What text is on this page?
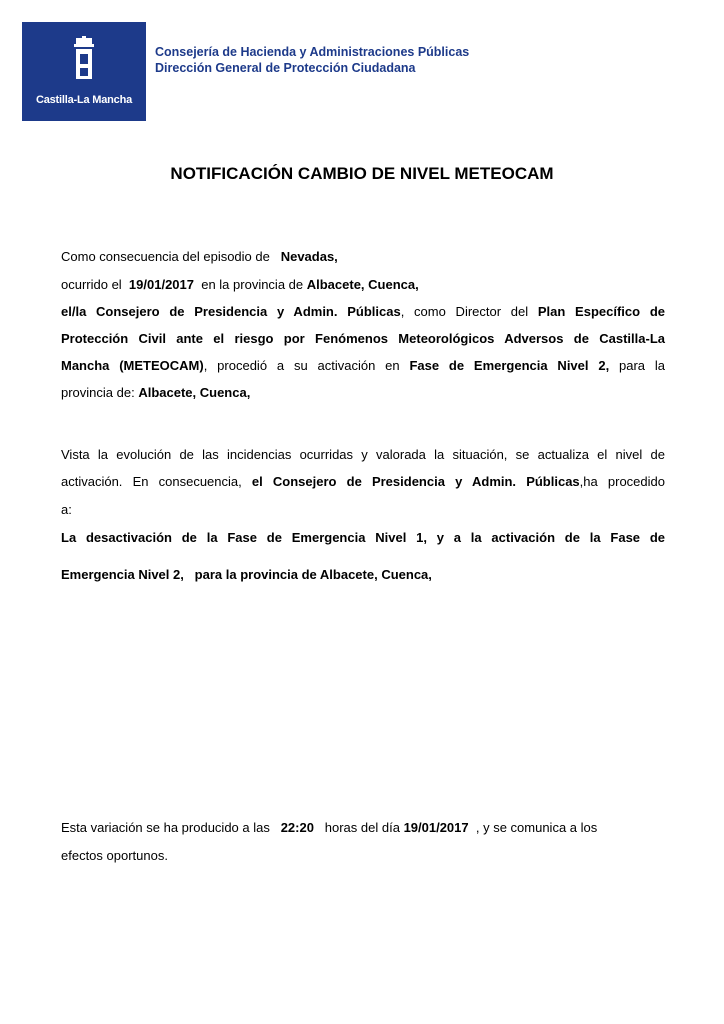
Castilla-La Mancha
Consejería de Hacienda y Administraciones Públicas
Dirección General de Protección Ciudadana
NOTIFICACIÓN CAMBIO DE NIVEL METEOCAM
Como consecuencia del episodio de   Nevadas,
ocurrido el  19/01/2017  en la provincia de Albacete, Cuenca,
el/la Consejero de Presidencia y Admin. Públicas, como Director del Plan Específico de
Protección Civil ante el riesgo por Fenómenos Meteorológicos Adversos de Castilla-La
Mancha (METEOCAM), procedió a su activación en Fase de Emergencia Nivel 2, para la
provincia de: Albacete, Cuenca,
Vista la evolución de las incidencias ocurridas y valorada la situación, se actualiza el nivel de
activación. En consecuencia, el Consejero de Presidencia y Admin. Públicas,ha procedido
a:
La desactivación de la Fase de Emergencia Nivel 1, y a la activación de la Fase de
Emergencia Nivel 2,   para la provincia de Albacete, Cuenca,
Esta variación se ha producido a las   22:20   horas del día 19/01/2017  , y se comunica a los
efectos oportunos.
